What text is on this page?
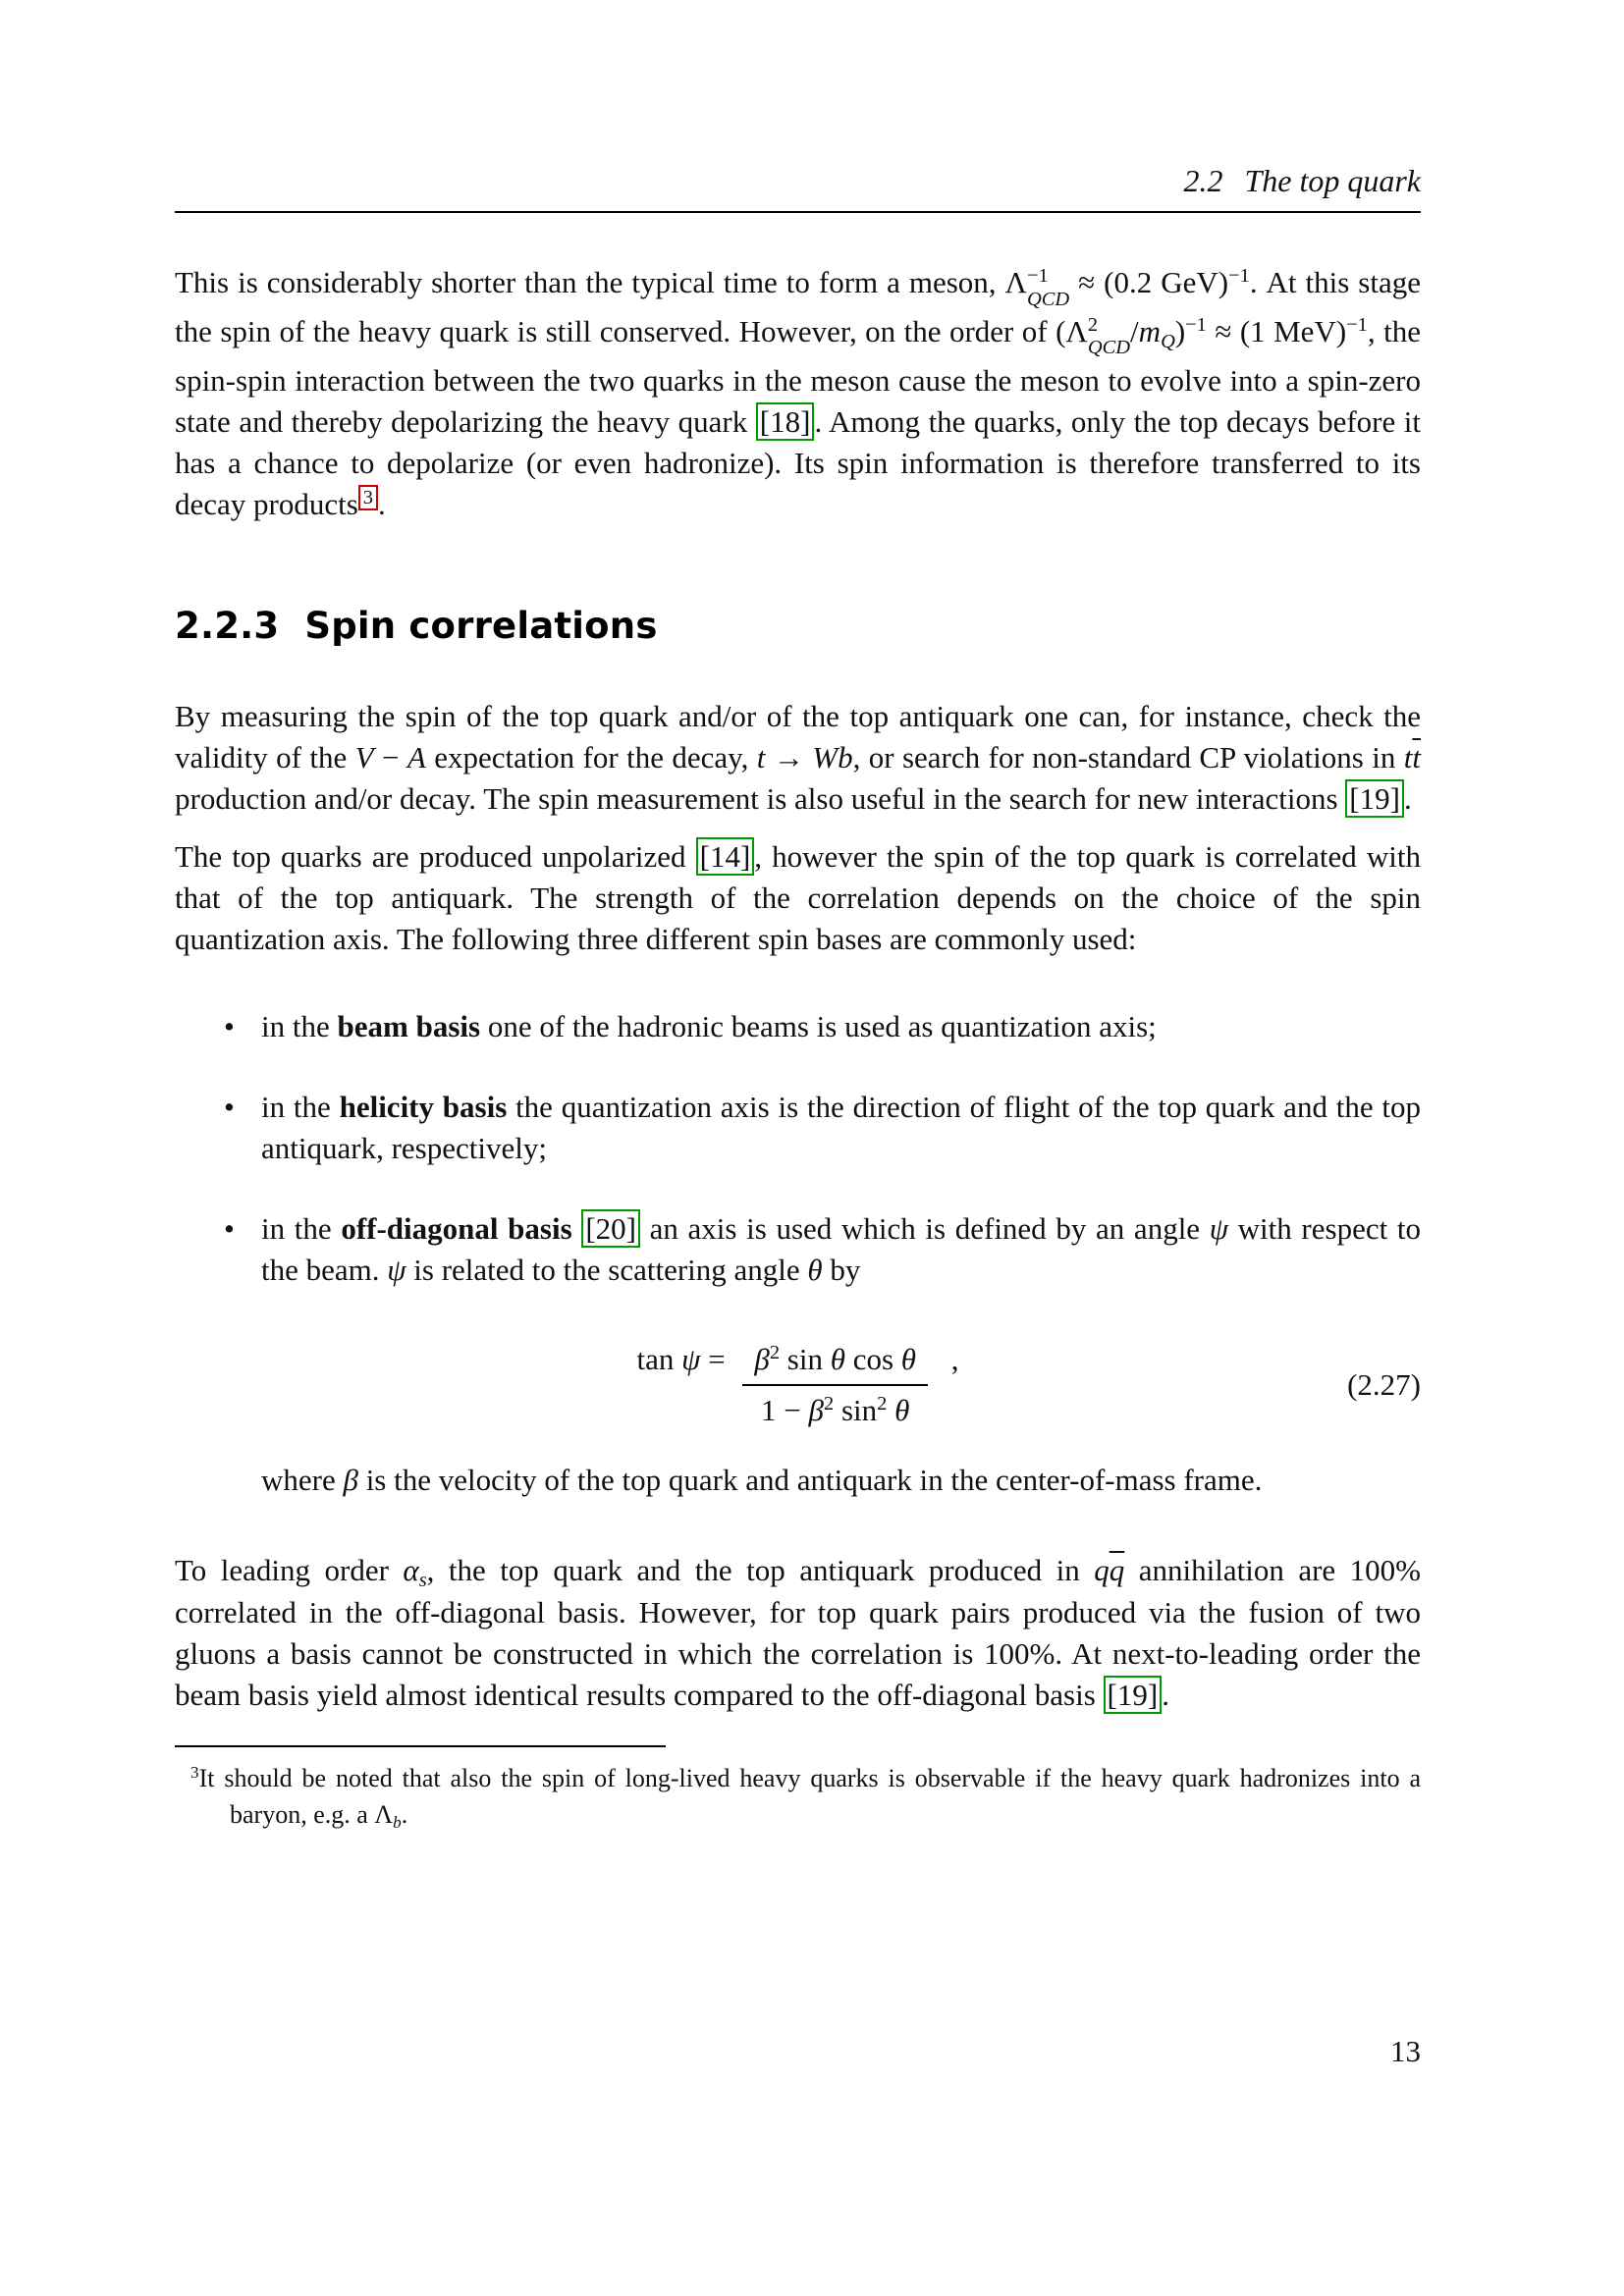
2.2 The top quark

This is considerably shorter than the typical time to form a meson, Λ −1
QCD ≈ (0.2 GeV)$^{-1}$. At this stage the spin of the heavy quark is still conserved. However, on the order of (Λ 2
QCD /mQ)$^{-1}$ ≈ (1 MeV)$^{-1}$, the spin-spin interaction between the two quarks in the meson cause the meson to evolve into a spin-zero state and thereby depolarizing the heavy quark [18] . Among the quarks, only the top decays before it has a chance to depolarize (or even hadronize). Its spin information is therefore transferred to its decay products $^3$ .

2.2.3 Spin correlations

By measuring the spin of the top quark and/or of the top antiquark one can, for instance, check the validity of the V − A expectation for the decay, t → Wb, or search for non-standard CP violations in $t\overline{t}$ production and/or decay. The spin measurement is also useful in the search for new interactions [19] .

The top quarks are produced unpolarized [14] , however the spin of the top quark is correlated with that of the top antiquark. The strength of the correlation depends on the choice of the spin quantization axis. The following three different spin bases are commonly used:

• in the beam basis one of the hadronic beams is used as quantization axis;
• in the helicity basis the quantization axis is the direction of flight of the top quark and the top antiquark, respectively;
• in the off-diagonal basis [20] an axis is used which is defined by an angle ψ with respect to the beam. ψ is related to the scattering angle θ by
$\tan \psi = \frac{\beta^2 \sin \theta \cos \theta}{1 - \beta^2 \sin^2 \theta}$ ,
(2.27)
where β is the velocity of the top quark and antiquark in the center-of-mass frame.

To leading order αs, the top quark and the top antiquark produced in $q\overline{q}$ annihilation are 100% correlated in the off-diagonal basis. However, for top quark pairs produced via the fusion of two gluons a basis cannot be constructed in which the correlation is 100%. At next-to-leading order the beam basis yield almost identical results compared to the off-diagonal basis [19] .

$^3$It should be noted that also the spin of long-lived heavy quarks is observable if the heavy quark hadronizes into a baryon, e.g. a Λb.
13
